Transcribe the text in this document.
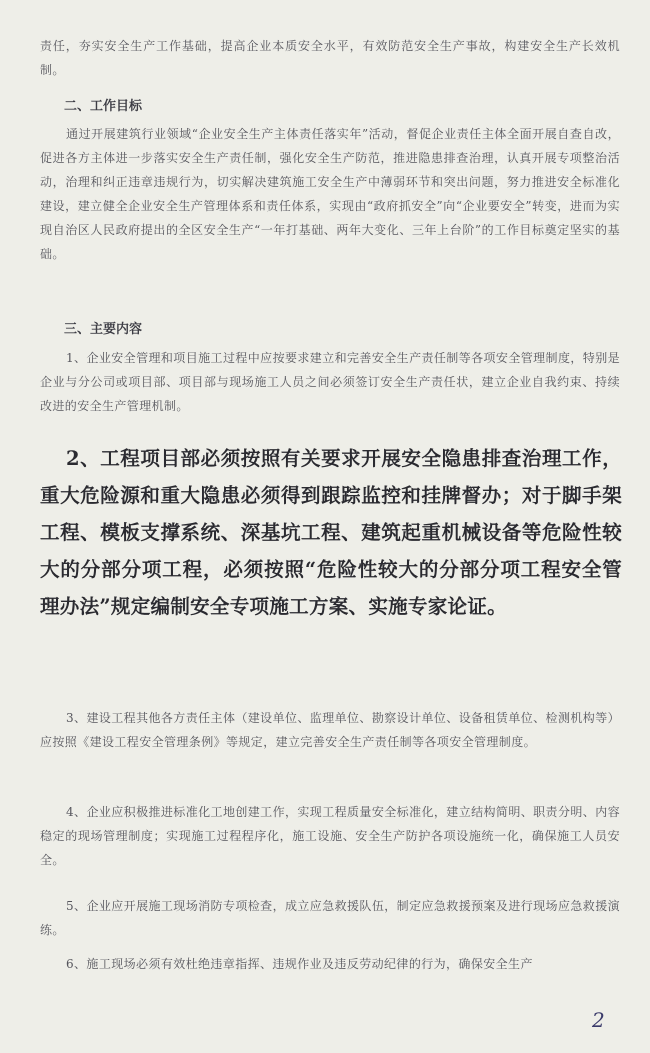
责任，夯实安全生产工作基础，提高企业本质安全水平，有效防范安全生产事故，构建安全生产长效机制。

二、工作目标

通过开展建筑行业领域“企业安全生产主体责任落实年”活动，督促企业责任主体全面开展自查自改，促进各方主体进一步落实安全生产责任制，强化安全生产防范，推进隐患排查治理，认真开展专项整治活动，治理和纠正违章违规行为，切实解决建筑施工安全生产中薄弱环节和突出问题，努力推进安全标准化建设，建立健全企业安全生产管理体系和责任体系，实现由“政府抓安全”向“企业要安全”转变，进而为实现自治区人民政府提出的全区安全生产“一年打基础、两年大变化、三年上台阶”的工作目标奠定坚实的基础。

三、主要内容

1、企业安全管理和项目施工过程中应按要求建立和完善安全生产责任制等各项安全管理制度，特别是企业与分公司或项目部、项目部与现场施工人员之间必须签订安全生产责任状，建立企业自我约束、持续改进的安全生产管理机制。

2、工程项目部必须按照有关要求开展安全隐患排查治理工作，重大危险源和重大隐患必须得到跟踪监控和挂牌督办；对于脚手架工程、模板支撑系统、深基坑工程、建筑起重机械设备等危险性较大的分部分项工程，必须按照“危险性较大的分部分项工程安全管理办法”规定编制安全专项施工方案、实施专家论证。

3、建设工程其他各方责任主体（建设单位、监理单位、勘察设计单位、设备租赁单位、检测机构等）应按照《建设工程安全管理条例》等规定，建立完善安全生产责任制等各项安全管理制度。

4、企业应积极推进标准化工地创建工作，实现工程质量安全标准化，建立结构简明、职责分明、内容稳定的现场管理制度；实现施工过程程序化，施工设施、安全生产防护各项设施统一化，确保施工人员安全。

5、企业应开展施工现场消防专项检查，成立应急救援队伍，制定应急救援预案及进行现场应急救援演练。

6、施工现场必须有效杜绝违章指挥、违规作业及违反劳动纪律的行为，确保安全生产

2
